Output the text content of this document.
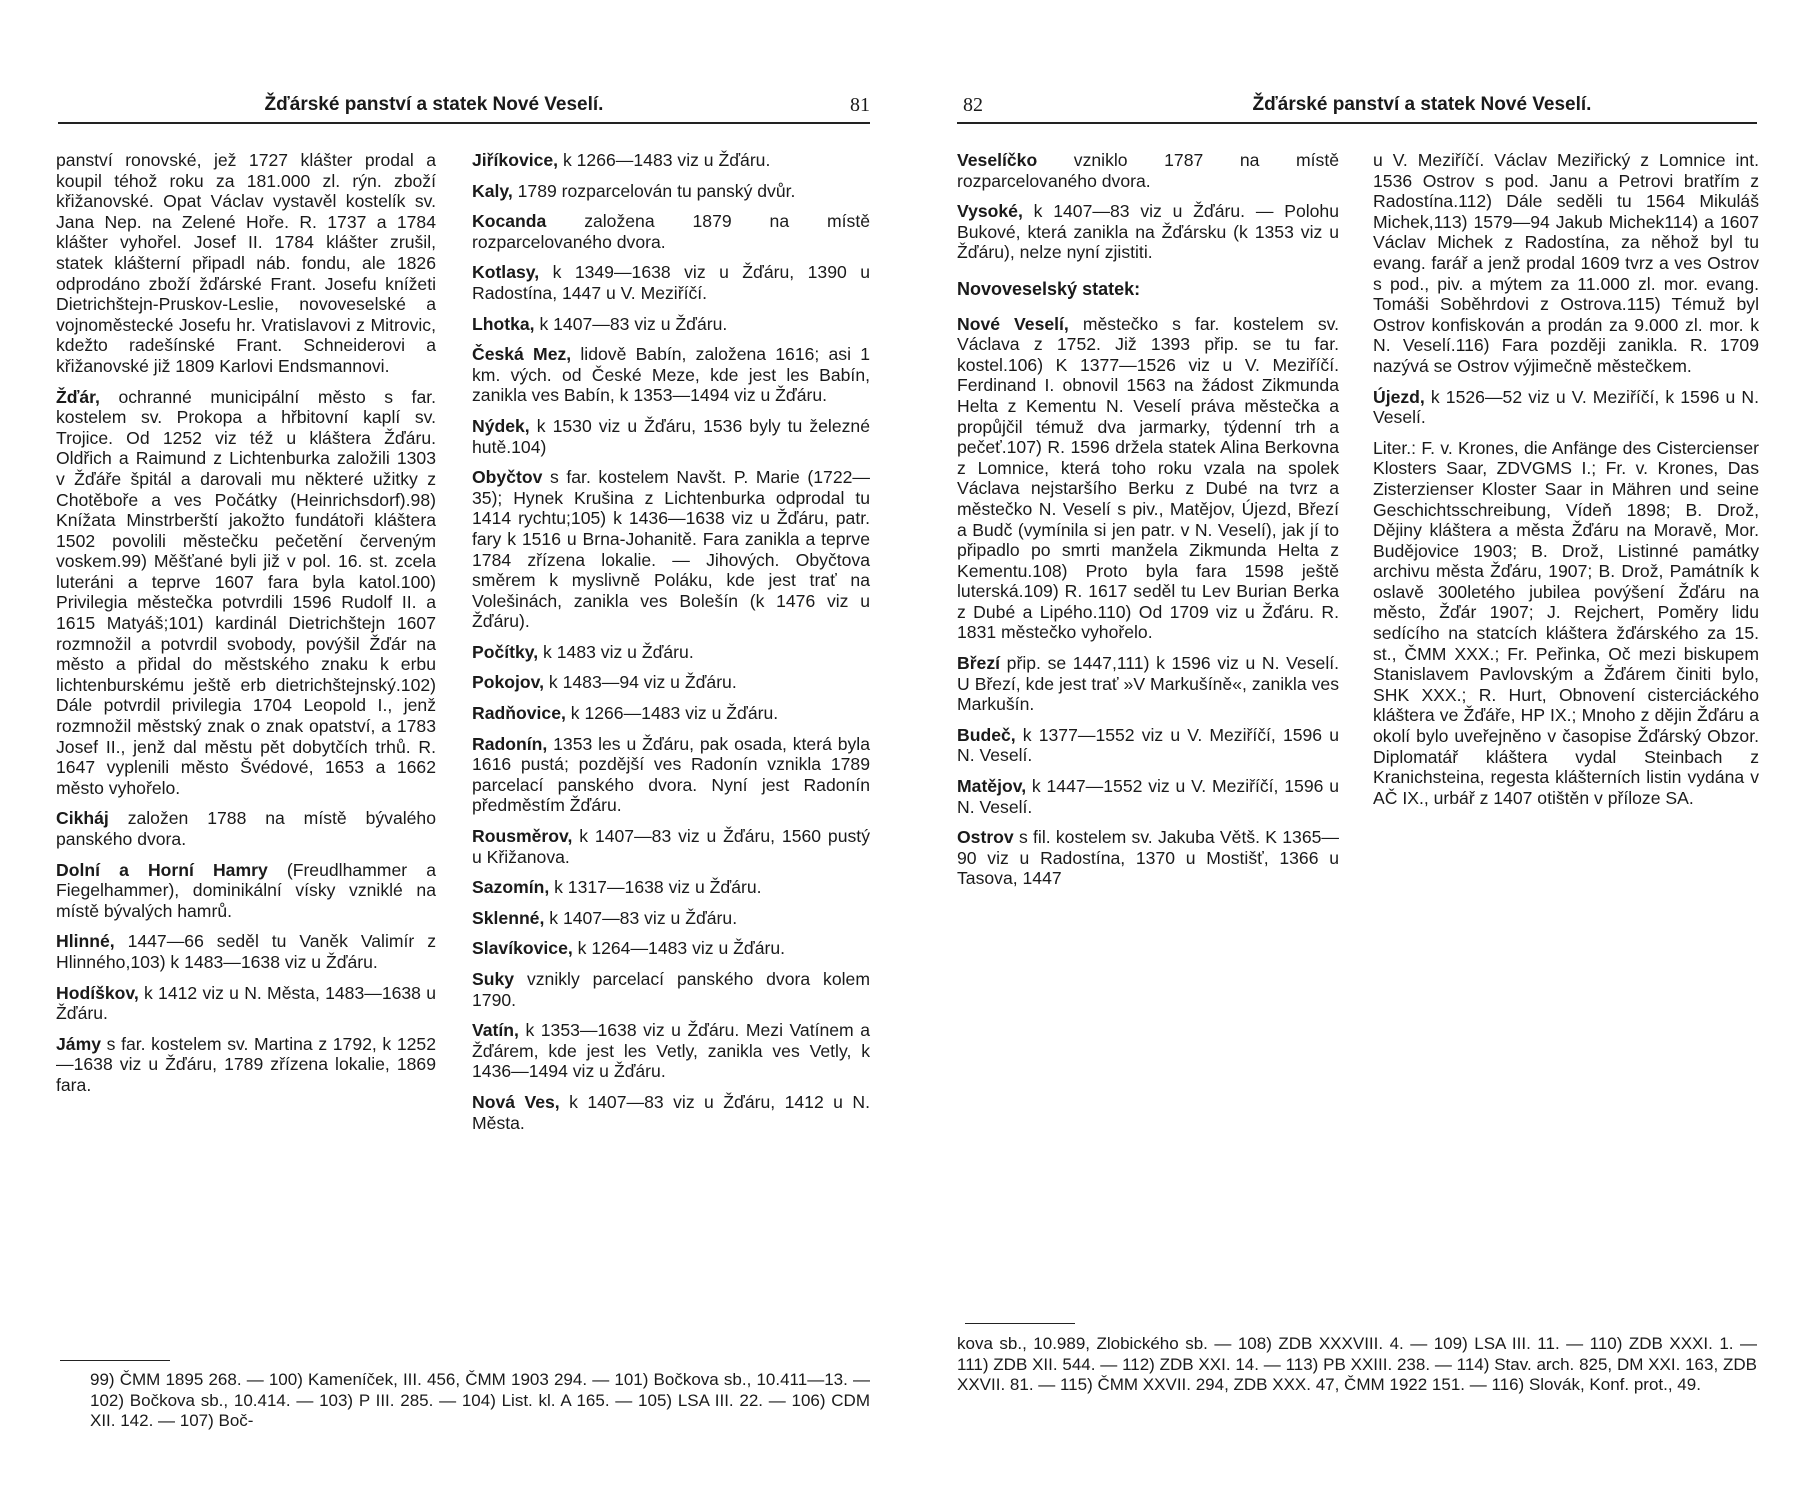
Žďárské panství a statek Nové Veselí.	81

panství ronovské, jež 1727 klášter prodal a koupil téhož roku za 181.000 zl. rýn. zboží křižanovské. Opat Václav vystavěl kostelík sv. Jana Nep. na Zelené Hoře. R. 1737 a 1784 klášter vyhořel. Josef II. 1784 klášter zrušil, statek klášterní připadl náb. fondu, ale 1826 odprodáno zboží žďárské Frant. Josefu knížeti Dietrichštejn-Pruskov-Leslie, novoveselské a vojnoměstecké Josefu hr. Vratislavovi z Mitrovic, kdežto radešínské Frant. Schneiderovi a křižanovské již 1809 Karlovi Endsmannovi.

Žďár, ochranné municipální město s far. kostelem sv. Prokopa a hřbitovní kaplí sv. Trojice. Od 1252 viz též u kláštera Žďáru. Oldřich a Raimund z Lichtenburka založili 1303 v Žďáře špitál a darovali mu některé užitky z Chotěboře a ves Počátky (Heinrichsdorf).98) Knížata Minstrberští jakožto fundátoři kláštera 1502 povolili městečku pečetění červeným voskem.99) Měšťané byli již v pol. 16. st. zcela luteráni a teprve 1607 fara byla katol.100) Privilegia městečka potvrdili 1596 Rudolf II. a 1615 Matyáš;101) kardinál Dietrichštejn 1607 rozmnožil a potvrdil svobody, povýšil Žďár na město a přidal do městského znaku k erbu lichtenburskému ještě erb dietrichštejnský.102) Dále potvrdil privilegia 1704 Leopold I., jenž rozmnožil městský znak o znak opatství, a 1783 Josef II., jenž dal městu pět dobytčích trhů. R. 1647 vyplenili město Švédové, 1653 a 1662 město vyhořelo.

Cikháj založen 1788 na místě bývalého panského dvora.

Dolní a Horní Hamry (Freudlhammer a Fiegelhammer), dominikální vísky vzniklé na místě bývalých hamrů.

Hlinné, 1447—66 seděl tu Vaněk Valimír z Hlinného,103) k 1483—1638 viz u Žďáru.

Hodíškov, k 1412 viz u N. Města, 1483—1638 u Žďáru.

Jámy s far. kostelem sv. Martina z 1792, k 1252—1638 viz u Žďáru, 1789 zřízena lokalie, 1869 fara.

Jiříkovice, k 1266—1483 viz u Žďáru.

Kaly, 1789 rozparcelován tu panský dvůr.

Kocanda založena 1879 na místě rozparcelovaného dvora.

Kotlasy, k 1349—1638 viz u Žďáru, 1390 u Radostína, 1447 u V. Meziříčí.

Lhotka, k 1407—83 viz u Žďáru.

Česká Mez, lidově Babín, založena 1616; asi 1 km. vých. od České Meze, kde jest les Babín, zanikla ves Babín, k 1353—1494 viz u Žďáru.

Nýdek, k 1530 viz u Žďáru, 1536 byly tu železné hutě.104)

Obyčtov s far. kostelem Navšt. P. Marie (1722—35); Hynek Krušina z Lichtenburka odprodal tu 1414 rychtu;105) k 1436—1638 viz u Žďáru, patr. fary k 1516 u Brna-Johanitě. Fara zanikla a teprve 1784 zřízena lokalie. — Jihových. Obyčtova směrem k myslivně Poláku, kde jest trať na Volešinách, zanikla ves Bolešín (k 1476 viz u Žďáru).

Počítky, k 1483 viz u Žďáru.

Pokojov, k 1483—94 viz u Žďáru.

Radňovice, k 1266—1483 viz u Žďáru.

Radonín, 1353 les u Žďáru, pak osada, která byla 1616 pustá; pozdější ves Radonín vznikla 1789 parcelací panského dvora. Nyní jest Radonín předměstím Žďáru.

Rousměrov, k 1407—83 viz u Žďáru, 1560 pustý u Křižanova.

Sazomín, k 1317—1638 viz u Žďáru.

Sklenné, k 1407—83 viz u Žďáru.

Slavíkovice, k 1264—1483 viz u Žďáru.

Suky vznikly parcelací panského dvora kolem 1790.

Vatín, k 1353—1638 viz u Žďáru. Mezi Vatínem a Žďárem, kde jest les Vetly, zanikla ves Vetly, k 1436—1494 viz u Žďáru.

Nová Ves, k 1407—83 viz u Žďáru, 1412 u N. Města.

99) ČMM 1895 268. — 100) Kameníček, III. 456, ČMM 1903 294. — 101) Bočkova sb., 10.411—13. — 102) Bočkova sb., 10.414. — 103) P III. 285. — 104) List. kl. A 165. — 105) LSA III. 22. — 106) CDM XII. 142. — 107) Boč-
82	Žďárské panství a statek Nové Veselí.

Veselíčko vzniklo 1787 na místě rozparcelovaného dvora.

Vysoké, k 1407—83 viz u Žďáru. — Polohu Bukové, která zanikla na Žďársku (k 1353 viz u Žďáru), nelze nyní zjistiti.

Novoveselský statek:

Nové Veselí, městečko s far. kostelem sv. Václava z 1752. Již 1393 přip. se tu far. kostel.106) K 1377—1526 viz u V. Meziříčí. Ferdinand I. obnovil 1563 na žádost Zikmunda Helta z Kementu N. Veselí práva městečka a propůjčil témuž dva jarmarky, týdenní trh a pečeť.107) R. 1596 držela statek Alina Berkovna z Lomnice, která toho roku vzala na spolek Václava nejstaršího Berku z Dubé na tvrz a městečko N. Veselí s piv., Matějov, Újezd, Březí a Budč (vymínila si jen patr. v N. Veselí), jak jí to připadlo po smrti manžela Zikmunda Helta z Kementu.108) Proto byla fara 1598 ještě luterská.109) R. 1617 seděl tu Lev Burian Berka z Dubé a Lipého.110) Od 1709 viz u Žďáru. R. 1831 městečko vyhořelo.

Březí přip. se 1447,111) k 1596 viz u N. Veselí. U Březí, kde jest trať »V Markušíně«, zanikla ves Markušín.

Budeč, k 1377—1552 viz u V. Meziříčí, 1596 u N. Veselí.

Matějov, k 1447—1552 viz u V. Meziříčí, 1596 u N. Veselí.

Ostrov s fil. kostelem sv. Jakuba Větš. K 1365—90 viz u Radostína, 1370 u Mostišť, 1366 u Tasova, 1447

u V. Meziříčí. Václav Meziřický z Lomnice int. 1536 Ostrov s pod. Janu a Petrovi bratřím z Radostína.112) Dále seděli tu 1564 Mikuláš Michek,113) 1579—94 Jakub Michek114) a 1607 Václav Michek z Radostína, za něhož byl tu evang. farář a jenž prodal 1609 tvrz a ves Ostrov s pod., piv. a mýtem za 11.000 zl. mor. evang. Tomáši Soběhrdovi z Ostrova.115) Témuž byl Ostrov konfiskován a prodán za 9.000 zl. mor. k N. Veselí.116) Fara později zanikla. R. 1709 nazývá se Ostrov výjimečně městečkem.

Újezd, k 1526—52 viz u V. Meziříčí, k 1596 u N. Veselí.

Liter.: F. v. Krones, die Anfänge des Cistercienser Klosters Saar, ZDVGMS I.; Fr. v. Krones, Das Zisterzienser Kloster Saar in Mähren und seine Geschichtsschreibung, Vídeň 1898; B. Drož, Dějiny kláštera a města Žďáru na Moravě, Mor. Budějovice 1903; B. Drož, Listinné památky archivu města Žďáru, 1907; B. Drož, Památník k oslavě 300letého jubilea povýšení Žďáru na město, Žďár 1907; J. Rejchert, Poměry lidu sedícího na statcích kláštera žďárského za 15. st., ČMM XXX.; Fr. Peřinka, Oč mezi biskupem Stanislavem Pavlovským a Žďárem činiti bylo, SHK XXX.; R. Hurt, Obnovení cisterciáckého kláštera ve Žďáře, HP IX.; Mnoho z dějin Žďáru a okolí bylo uveřejněno v časopise Žďárský Obzor. Diplomatář kláštera vydal Steinbach z Kranichsteina, regesta klášterních listin vydána v AČ IX., urbář z 1407 otištěn v příloze SA.

kova sb., 10.989, Zlobického sb. — 108) ZDB XXXVIII. 4. — 109) LSA III. 11. — 110) ZDB XXXI. 1. — 111) ZDB XII. 544. — 112) ZDB XXI. 14. — 113) PB XXIII. 238. — 114) Stav. arch. 825, DM XXI. 163, ZDB XXVII. 81. — 115) ČMM XXVII. 294, ZDB XXX. 47, ČMM 1922 151. — 116) Slovák, Konf. prot., 49.
